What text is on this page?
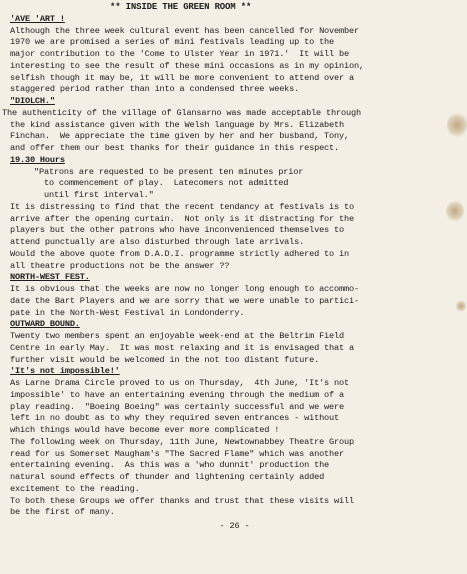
** INSIDE THE GREEN ROOM **
'AVE 'ART !
Although the three week cultural event has been cancelled for November
1970 we are promised a series of mini festivals leading up to the
major contribution to the 'Come to Ulster Year in 1971.'  It will be
interesting to see the result of these mini occasions as in my opinion,
selfish though it may be, it will be more convenient to attend over a
staggered period rather than into a condensed three weeks.
"DIOLCH."
The authenticity of the village of Glansarno was made acceptable through
the kind assistance given with the Welsh language by Mrs. Elizabeth
Finchan.  We appreciate the time given by her and her busband, Tony,
and offer them our best thanks for their guidance in this respect.
19.30 Hours
"Patrons are requested to be present ten minutes prior
to commencement of play.  Latecomers not admitted
until first interval."
It is distressing to find that the recent tendancy at festivals is to
arrive after the opening curtain.  Not only is it distracting for the
players but the other patrons who have inconvenienced themselves to
attend punctually are also disturbed through late arrivals.
Would the above quote from D.A.D.I. programme strictly adhered to in
all theatre productions not be the answer ??
NORTH-WEST FEST.
It is obvious that the weeks are now no longer long enough to accommo-
date the Bart Players and we are sorry that we were unable to partici-
pate in the North-West Festival in Londonderry.
OUTWARD BOUND.
Twenty two members spent an enjoyable week-end at the Beltrim Field
Centre in early May.  It was most relaxing and it is envisaged that a
further visit would be welcomed in the not too distant future.
'It's not impossible!'
As Larne Drama Circle proved to us on Thursday,  4th June, 'It's not
impossible' to have an entertaining evening through the medium of a
play reading.  "Boeing Boeing" was certainly successful and we were
left in no doubt as to why they required seven entrances - without
which things would have become ever more complicated !
The following week on Thursday, 11th June, Newtownabbey Theatre Group
read for us Somerset Maugham's "The Sacred Flame" which was another
entertaining evening.  As this was a 'who dunnit' production the
natural sound effects of thunder and lightening certainly added
excitement to the reading.
To both these Groups we offer thanks and trust that these visits will
be the first of many.
- 26 -
